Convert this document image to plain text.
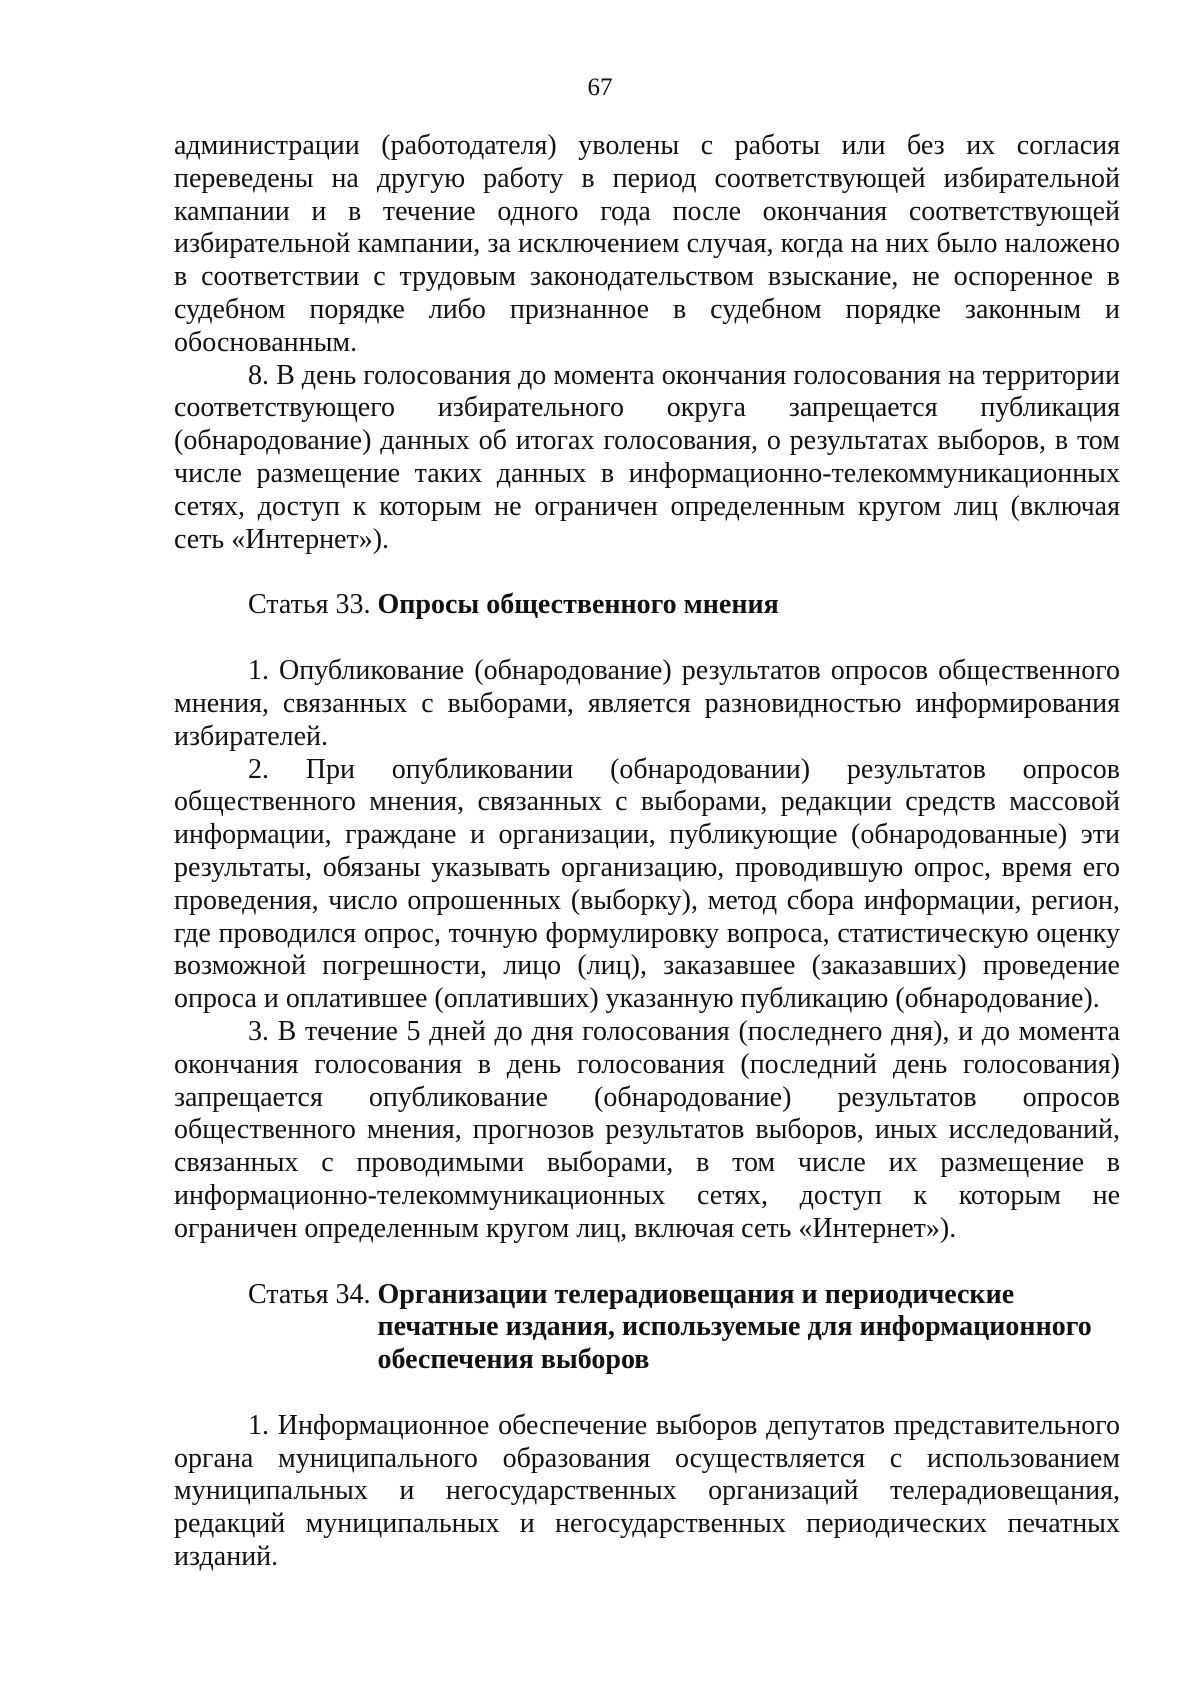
67

администрации (работодателя) уволены с работы или без их согласия переведены на другую работу в период соответствующей избирательной кампании и в течение одного года после окончания соответствующей избирательной кампании, за исключением случая, когда на них было наложено в соответствии с трудовым законодательством взыскание, не оспоренное в судебном порядке либо признанное в судебном порядке законным и обоснованным.

8. В день голосования до момента окончания голосования на территории соответствующего избирательного округа запрещается публикация (обнародование) данных об итогах голосования, о результатах выборов, в том числе размещение таких данных в информационно-телекоммуникационных сетях, доступ к которым не ограничен определенным кругом лиц (включая сеть «Интернет»).

Статья 33. Опросы общественного мнения

1. Опубликование (обнародование) результатов опросов общественного мнения, связанных с выборами, является разновидностью информирования избирателей.

2. При опубликовании (обнародовании) результатов опросов общественного мнения, связанных с выборами, редакции средств массовой информации, граждане и организации, публикующие (обнародованные) эти результаты, обязаны указывать организацию, проводившую опрос, время его проведения, число опрошенных (выборку), метод сбора информации, регион, где проводился опрос, точную формулировку вопроса, статистическую оценку возможной погрешности, лицо (лиц), заказавшее (заказавших) проведение опроса и оплатившее (оплативших) указанную публикацию (обнародование).

3. В течение 5 дней до дня голосования (последнего дня), и до момента окончания голосования в день голосования (последний день голосования) запрещается опубликование (обнародование) результатов опросов общественного мнения, прогнозов результатов выборов, иных исследований, связанных с проводимыми выборами, в том числе их размещение в информационно-телекоммуникационных сетях, доступ к которым не ограничен определенным кругом лиц, включая сеть «Интернет»).

Статья 34. Организации телерадиовещания и периодические печатные издания, используемые для информационного обеспечения выборов

1. Информационное обеспечение выборов депутатов представительного органа муниципального образования осуществляется с использованием муниципальных и негосударственных организаций телерадиовещания, редакций муниципальных и негосударственных периодических печатных изданий.
